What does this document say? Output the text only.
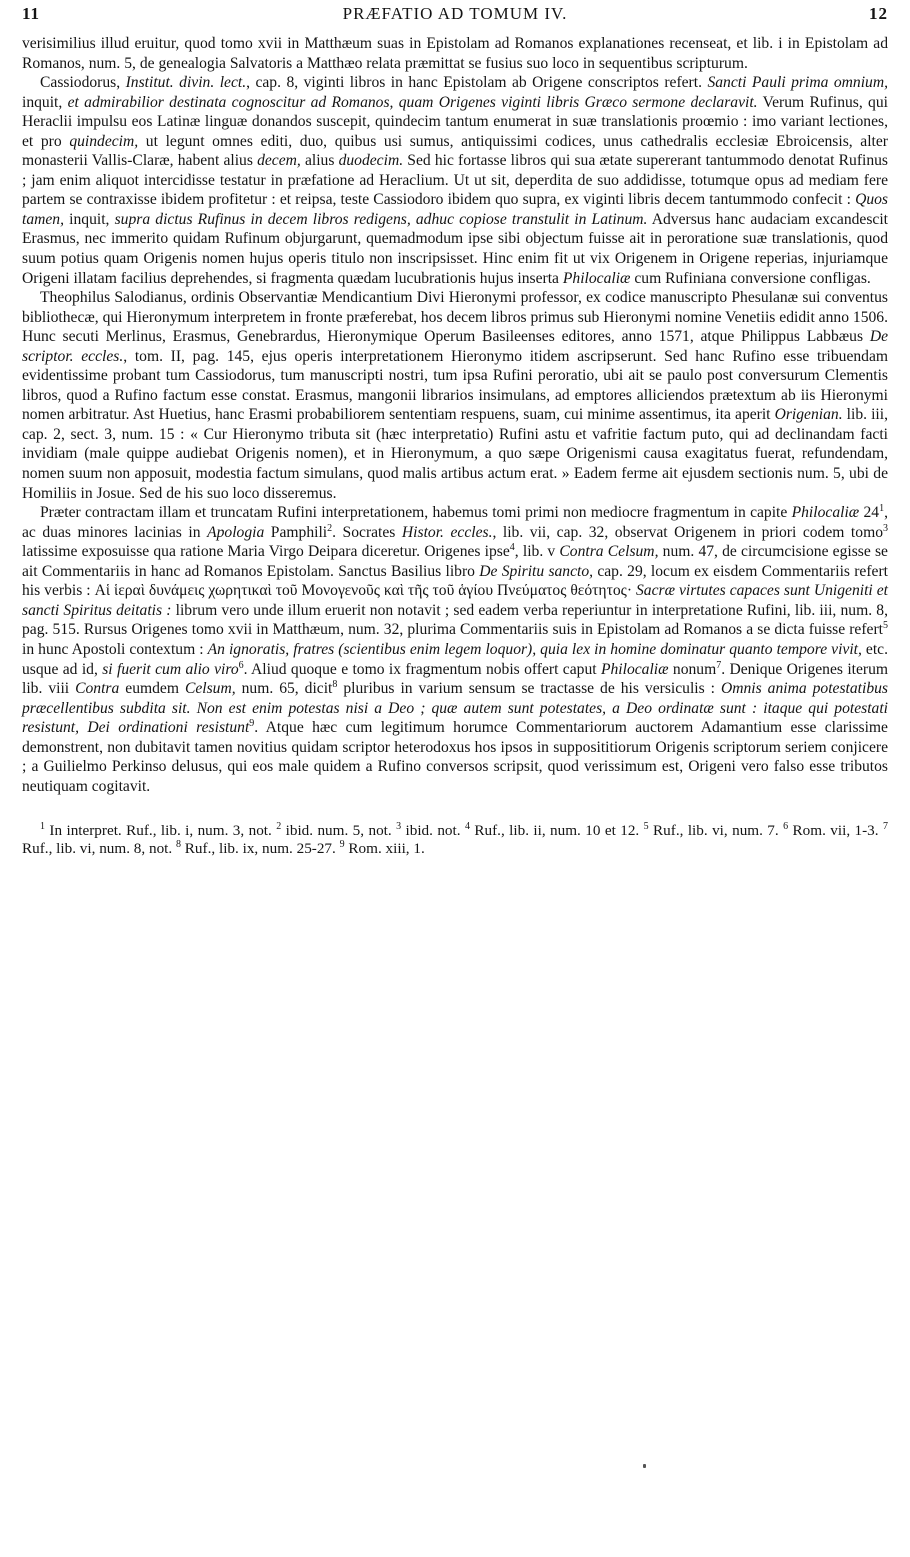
11	PRÆFATIO AD TOMUM IV.	12

verisimilius illud eruitur, quod tomo xvii in Matthæum suas in Epistolam ad Romanos explanationes recenseat, et lib. i in Epistolam ad Romanos, num. 5, de genealogia Salvatoris a Matthæo relata præmittat se fusius suo loco in sequentibus scripturum.

Cassiodorus, Institut. divin. lect., cap. 8, viginti libros in hanc Epistolam ab Origene conscriptos refert. Sancti Pauli prima omnium, inquit, et admirabilior destinata cognoscitur ad Romanos, quam Origenes viginti libris Græco sermone declaravit. Verum Rufinus, qui Heraclii impulsu eos Latinæ linguæ donandos suscepit, quindecim tantum enumerat in suæ translationis proœmio : imo variant lectiones, et pro quindecim, ut legunt omnes editi, duo, quibus usi sumus, antiquissimi codices, unus cathedralis ecclesiæ Ebroicensis, alter monasterii Vallis-Claræ, habent alius decem, alius duodecim. Sed hic fortasse libros qui sua ætate supererant tantummodo denotat Rufinus ; jam enim aliquot intercidisse testatur in præfatione ad Heraclium. Ut ut sit, deperdita de suo addidisse, totumque opus ad mediam fere partem se contraxisse ibidem profitetur : et reipsa, teste Cassiodoro ibidem quo supra, ex viginti libris decem tantummodo confecit : Quos tamen, inquit, supra dictus Rufinus in decem libros redigens, adhuc copiose transtulit in Latinum. Adversus hanc audaciam excandescit Erasmus, nec immerito quidam Rufinum objurgarunt, quemadmodum ipse sibi objectum fuisse ait in peroratione suæ translationis, quod suum potius quam Origenis nomen hujus operis titulo non inscripsisset. Hinc enim fit ut vix Origenem in Origene reperias, injuriamque Origeni illatam facilius deprehendes, si fragmenta quædam lucubrationis hujus inserta Philocaliæ cum Rufiniana conversione confligas.

Theophilus Salodianus, ordinis Observantiæ Mendicantium Divi Hieronymi professor, ex codice manuscripto Phesulanæ sui conventus bibliothecæ, qui Hieronymum interpretem in fronte præferebat, hos decem libros primus sub Hieronymi nomine Venetiis edidit anno 1506. Hunc secuti Merlinus, Erasmus, Genebrardus, Hieronymique Operum Basileenses editores, anno 1571, atque Philippus Labbæus De scriptor. eccles., tom. II, pag. 145, ejus operis interpretationem Hieronymo itidem ascripserunt. Sed hanc Rufino esse tribuendam evidentissime probant tum Cassiodorus, tum manuscripti nostri, tum ipsa Rufini peroratio, ubi ait se paulo post conversurum Clementis libros, quod a Rufino factum esse constat. Erasmus, mangonii librarios insimulans, ad emptores alliciendos prætextum ab iis Hieronymi nomen arbitratur. Ast Huetius, hanc Erasmi probabiliorem sententiam respuens, suam, cui minime assentimus, ita aperit Origenian. lib. iii, cap. 2, sect. 3, num. 15 : « Cur Hieronymo tributa sit (hæc interpretatio) Rufini astu et vafritie factum puto, qui ad declinandam facti invidiam (male quippe audiebat Origenis nomen), et in Hieronymum, a quo sæpe Origenismi causa exagitatus fuerat, refundendam, nomen suum non apposuit, modestia factum simulans, quod malis artibus actum erat. » Eadem ferme ait ejusdem sectionis num. 5, ubi de Homiliis in Josue. Sed de his suo loco disseremus.

Præter contractam illam et truncatam Rufini interpretationem, habemus tomi primi non mediocre fragmentum in capite Philocaliæ $24^1$, ac duas minores lacinias in Apologia Pamphili$^2$. Socrates Histor. eccles., lib. vii, cap. 32, observat Origenem in priori codem tomo$^3$ latissime exposuisse qua ratione Maria Virgo Deipara diceretur. Origenes ipse$^4$, lib. v Contra Celsum, num. 47, de circumcisione egisse se ait Commentariis in hanc ad Romanos Epistolam. Sanctus Basilius libro De Spiritu sancto, cap. 29, locum ex eisdem Commentariis refert his verbis : Αἱ ἱεραὶ δυνάμεις χωρητικαὶ τοῦ Μονογενοῦς καὶ τῆς τοῦ ἁγίου Πνεύματος θεότητος· Sacræ virtutes capaces sunt Unigeniti et sancti Spiritus deitatis : librum vero unde illum eruerit non notavit ; sed eadem verba reperiuntur in interpretatione Rufini, lib. iii, num. 8, pag. 515. Rursus Origenes tomo xvii in Matthæum, num. 32, plurima Commentariis suis in Epistolam ad Romanos a se dicta fuisse refert$^5$ in hunc Apostoli contextum : An ignoratis, fratres (scientibus enim legem loquor), quia lex in homine dominatur quanto tempore vivit, etc. usque ad id, si fuerit cum alio viro$^6$. Aliud quoque e tomo ix fragmentum nobis offert caput Philocaliæ nonum$^7$. Denique Origenes iterum lib. viii Contra eumdem Celsum, num. 65, dicit$^8$ pluribus in varium sensum se tractasse de his versiculis : Omnis anima potestatibus præcellentibus subdita sit. Non est enim potestas nisi a Deo ; quæ autem sunt potestates, a Deo ordinatæ sunt : itaque qui potestati resistunt, Dei ordinationi resistunt$^9$. Atque hæc cum legitimum horumce Commentariorum auctorem Adamantium esse clarissime demonstrent, non dubitavit tamen novitius quidam scriptor heterodoxus hos ipsos in supposititiorum Origenis scriptorum seriem conjicere ; a Guilielmo Perkinso delusus, qui eos male quidem a Rufino conversos scripsit, quod verissimum est, Origeni vero falso esse tributos neutiquam cogitavit.

$^1$ In interpret. Ruf., lib. i, num. 3, not. $^2$ ibid. num. 5, not. $^3$ ibid. not. $^4$ Ruf., lib. ii, num. 10 et 12. $^5$ Ruf., lib. vi, num. 7. $^6$ Rom. vii, 1-3. $^7$ Ruf., lib. vi, num. 8, not. $^8$ Ruf., lib. ix, num. 25-27. $^9$ Rom. xiii, 1.
